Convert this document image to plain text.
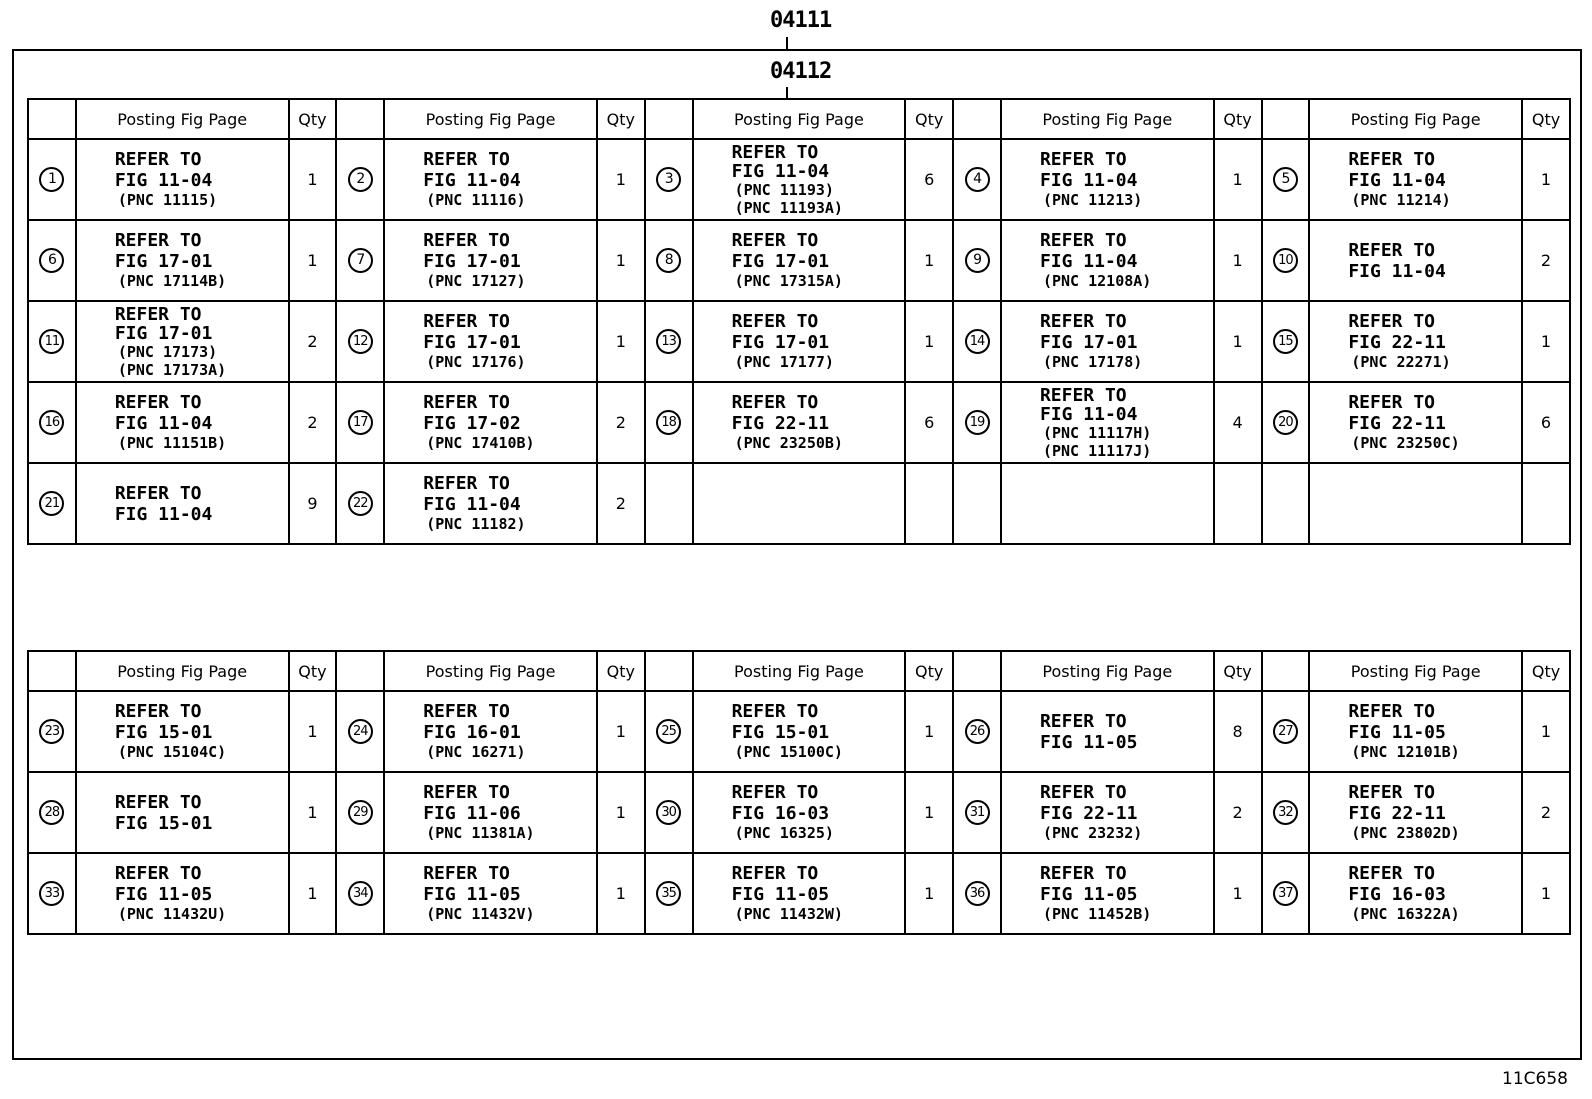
04111
04112
	Posting Fig Page	Qty		Posting Fig Page	Qty		Posting Fig Page	Qty		Posting Fig Page	Qty		Posting Fig Page	Qty
1	REFER TO
FIG 11-04
(PNC 11115)	1	2	REFER TO
FIG 11-04
(PNC 11116)	1	3	REFER TO
FIG 11-04
(PNC 11193)
(PNC 11193A)	6	4	REFER TO
FIG 11-04
(PNC 11213)	1	5	REFER TO
FIG 11-04
(PNC 11214)	1
6	REFER TO
FIG 17-01
(PNC 17114B)	1	7	REFER TO
FIG 17-01
(PNC 17127)	1	8	REFER TO
FIG 17-01
(PNC 17315A)	1	9	REFER TO
FIG 11-04
(PNC 12108A)	1	10	REFER TO
FIG 11-04	2
11	REFER TO
FIG 17-01
(PNC 17173)
(PNC 17173A)	2	12	REFER TO
FIG 17-01
(PNC 17176)	1	13	REFER TO
FIG 17-01
(PNC 17177)	1	14	REFER TO
FIG 17-01
(PNC 17178)	1	15	REFER TO
FIG 22-11
(PNC 22271)	1
16	REFER TO
FIG 11-04
(PNC 11151B)	2	17	REFER TO
FIG 17-02
(PNC 17410B)	2	18	REFER TO
FIG 22-11
(PNC 23250B)	6	19	REFER TO
FIG 11-04
(PNC 11117H)
(PNC 11117J)	4	20	REFER TO
FIG 22-11
(PNC 23250C)	6
21	REFER TO
FIG 11-04	9	22	REFER TO
FIG 11-04
(PNC 11182)	2									
	Posting Fig Page	Qty		Posting Fig Page	Qty		Posting Fig Page	Qty		Posting Fig Page	Qty		Posting Fig Page	Qty
23	REFER TO
FIG 15-01
(PNC 15104C)	1	24	REFER TO
FIG 16-01
(PNC 16271)	1	25	REFER TO
FIG 15-01
(PNC 15100C)	1	26	REFER TO
FIG 11-05	8	27	REFER TO
FIG 11-05
(PNC 12101B)	1
28	REFER TO
FIG 15-01	1	29	REFER TO
FIG 11-06
(PNC 11381A)	1	30	REFER TO
FIG 16-03
(PNC 16325)	1	31	REFER TO
FIG 22-11
(PNC 23232)	2	32	REFER TO
FIG 22-11
(PNC 23802D)	2
33	REFER TO
FIG 11-05
(PNC 11432U)	1	34	REFER TO
FIG 11-05
(PNC 11432V)	1	35	REFER TO
FIG 11-05
(PNC 11432W)	1	36	REFER TO
FIG 11-05
(PNC 11452B)	1	37	REFER TO
FIG 16-03
(PNC 16322A)	1
11C658
